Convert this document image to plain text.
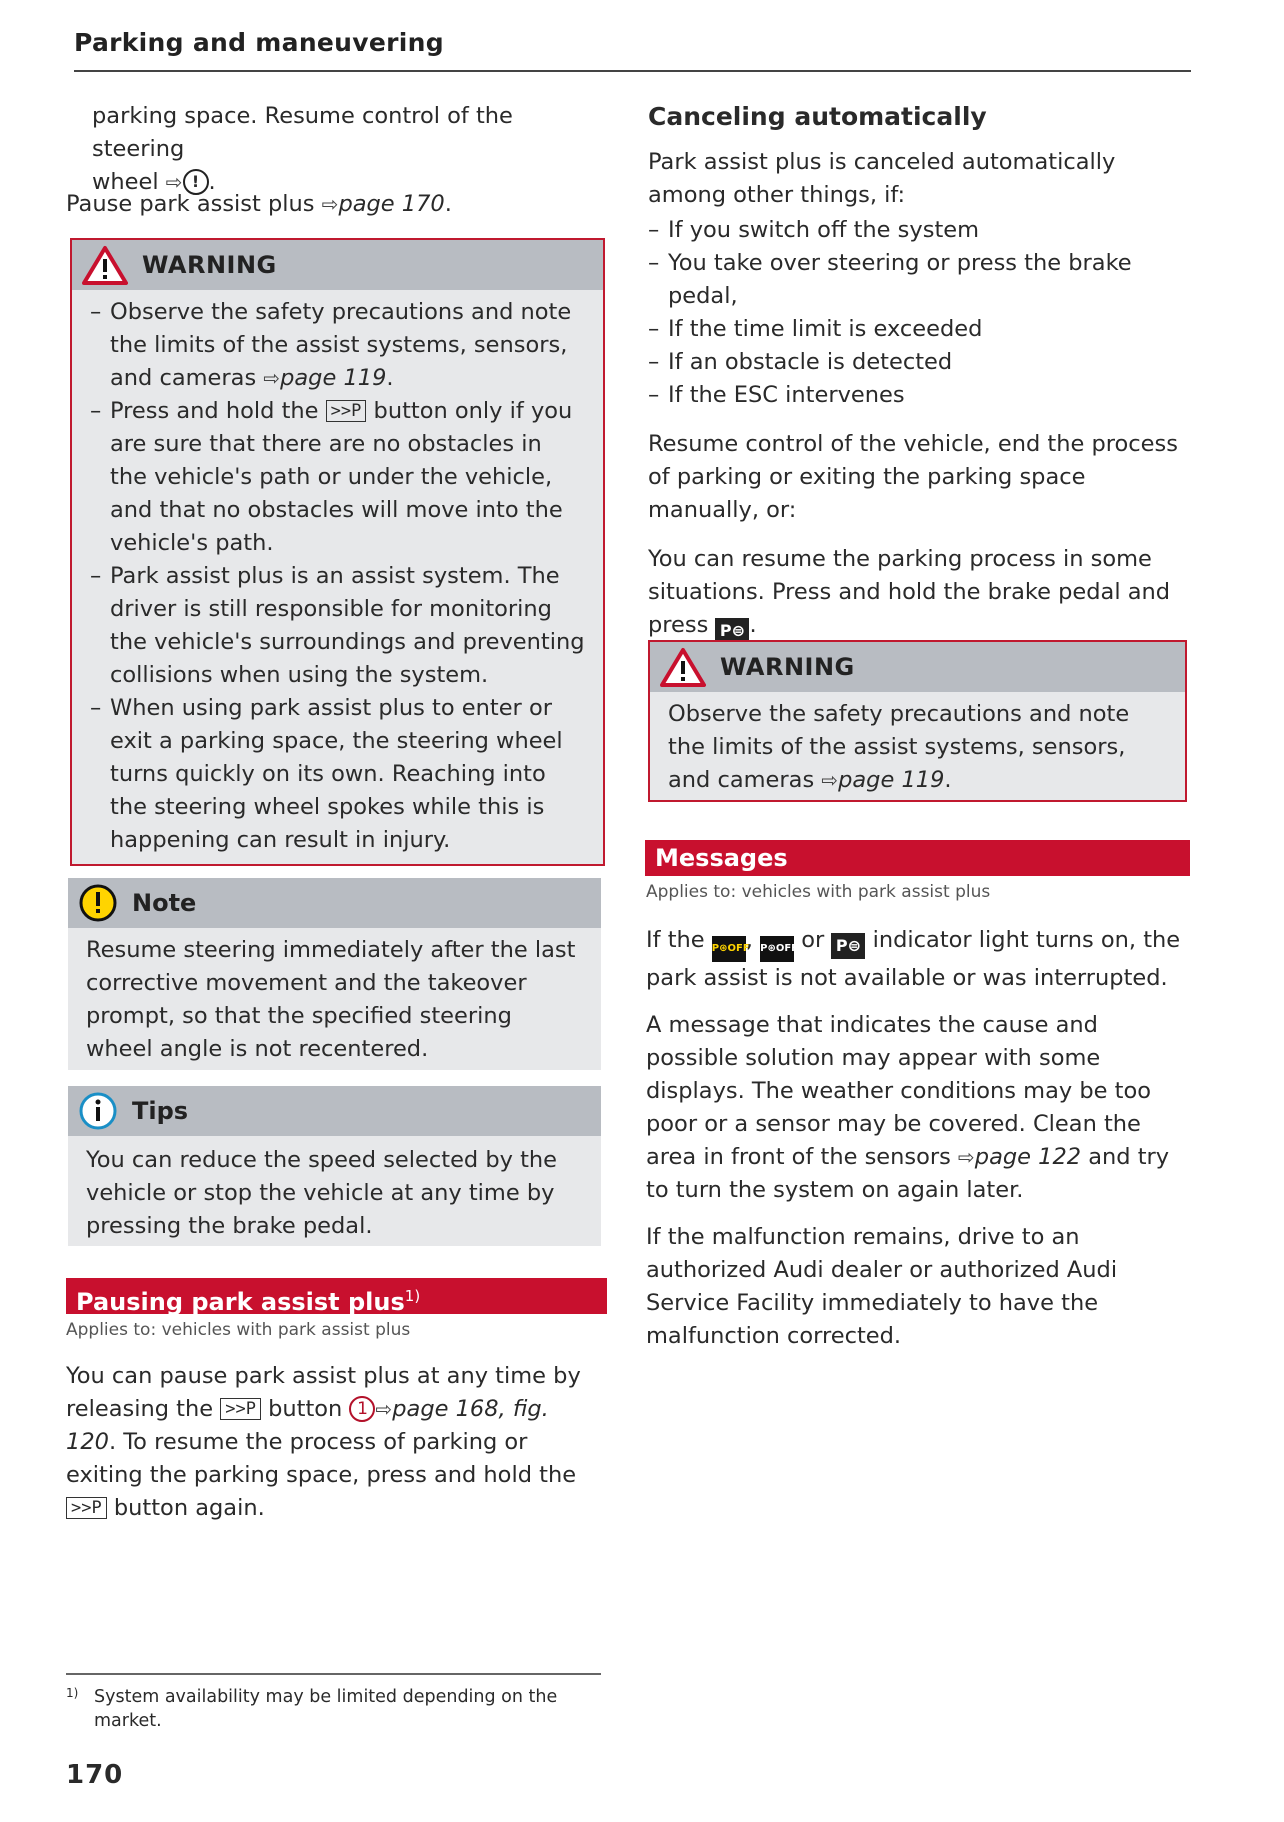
Parking and maneuvering

parking space. Resume control of the steering
wheel ⇨ ! .

Pause park assist plus ⇨page 170.

WARNING
– Observe the safety precautions and note the limits of the assist systems, sensors, and cameras ⇨page 119.
– Press and hold the >>P button only if you are sure that there are no obstacles in the vehicle's path or under the vehicle, and that no obstacles will move into the vehicle's path.
– Park assist plus is an assist system. The driver is still responsible for monitoring the vehicle's surroundings and preventing collisions when using the system.
– When using park assist plus to enter or exit a parking space, the steering wheel turns quickly on its own. Reaching into the steering wheel spokes while this is happening can result in injury.
Note

Resume steering immediately after the last corrective movement and the takeover prompt, so that the specified steering wheel angle is not recentered.

Tips

You can reduce the speed selected by the vehicle or stop the vehicle at any time by pressing the brake pedal.

Pausing park assist plus$^{1)}$
Applies to: vehicles with park assist plus

You can pause park assist plus at any time by releasing the >>P button 1 ⇨page 168, fig. 120. To resume the process of parking or exiting the parking space, press and hold the >>P button again.

Canceling automatically

Park assist plus is canceled automatically among other things, if:

– If you switch off the system
– You take over steering or press the brake pedal,
– If the time limit is exceeded
– If an obstacle is detected
– If the ESC intervenes

Resume control of the vehicle, end the process of parking or exiting the parking space manually, or:

You can resume the parking process in some situations. Press and hold the brake pedal and press P⊜ .

WARNING

Observe the safety precautions and note the limits of the assist systems, sensors, and cameras ⇨page 119.

Messages
Applies to: vehicles with park assist plus

If the P⊛OFF, P⊛OFF or P⊜ indicator light turns on, the park assist is not available or was interrupted.

A message that indicates the cause and possible solution may appear with some displays. The weather conditions may be too poor or a sensor may be covered. Clean the area in front of the sensors ⇨page 122 and try to turn the system on again later.

If the malfunction remains, drive to an authorized Audi dealer or authorized Audi Service Facility immediately to have the malfunction corrected.

1) System availability may be limited depending on the market.
170
